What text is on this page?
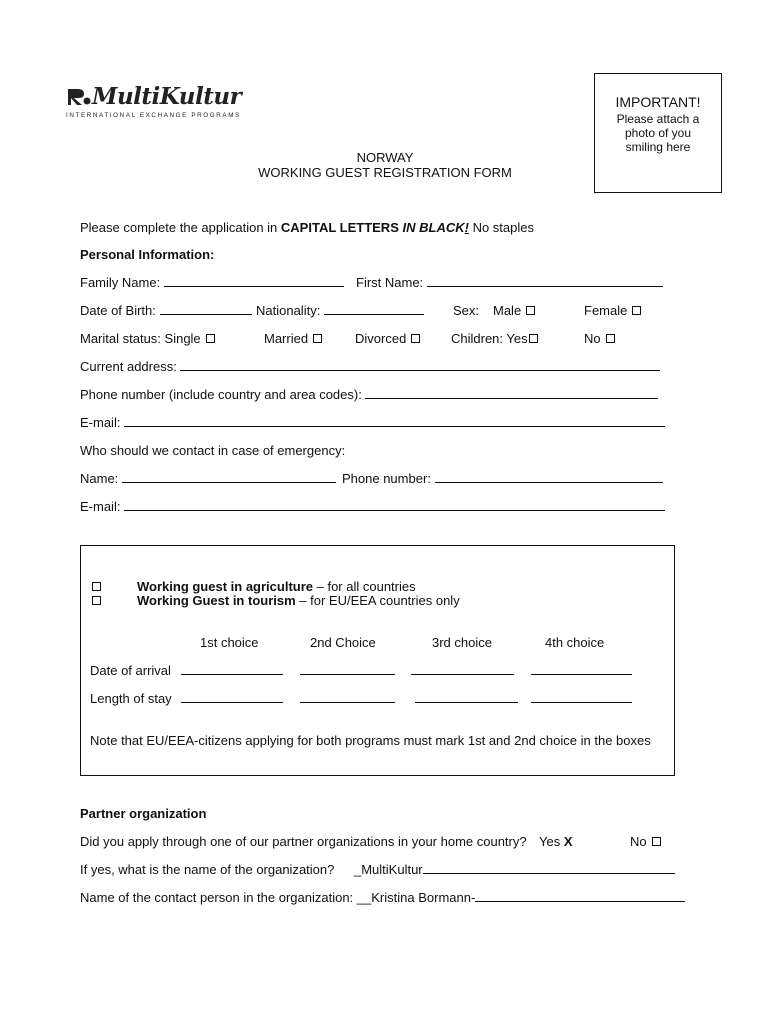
MultiKultur
INTERNATIONAL EXCHANGE PROGRAMS
IMPORTANT!
Please attach a
photo of you
smiling here
NORWAY
WORKING GUEST REGISTRATION FORM
Please complete the application in CAPITAL LETTERS IN BLACK! No staples
Personal Information:
Family Name:	First Name:
Date of Birth:	Nationality:	Sex: Male	Female
Marital status: Single	Married	Divorced	Children: Yes	No
Current address:
Phone number (include country and area codes):
E-mail:
Who should we contact in case of emergency:
Name:	Phone number:
E-mail:
Working guest in agriculture – for all countries
Working Guest in tourism – for EU/EEA countries only
1st choice	2nd Choice	3rd choice	4th choice
Date of arrival
Length of stay
Note that EU/EEA-citizens applying for both programs must mark 1st and 2nd choice in the boxes
Partner organization
Did you apply through one of our partner organizations in your home country? Yes X	No
If yes, what is the name of the organization? _MultiKultur
Name of the contact person in the organization: __Kristina Bormann-
